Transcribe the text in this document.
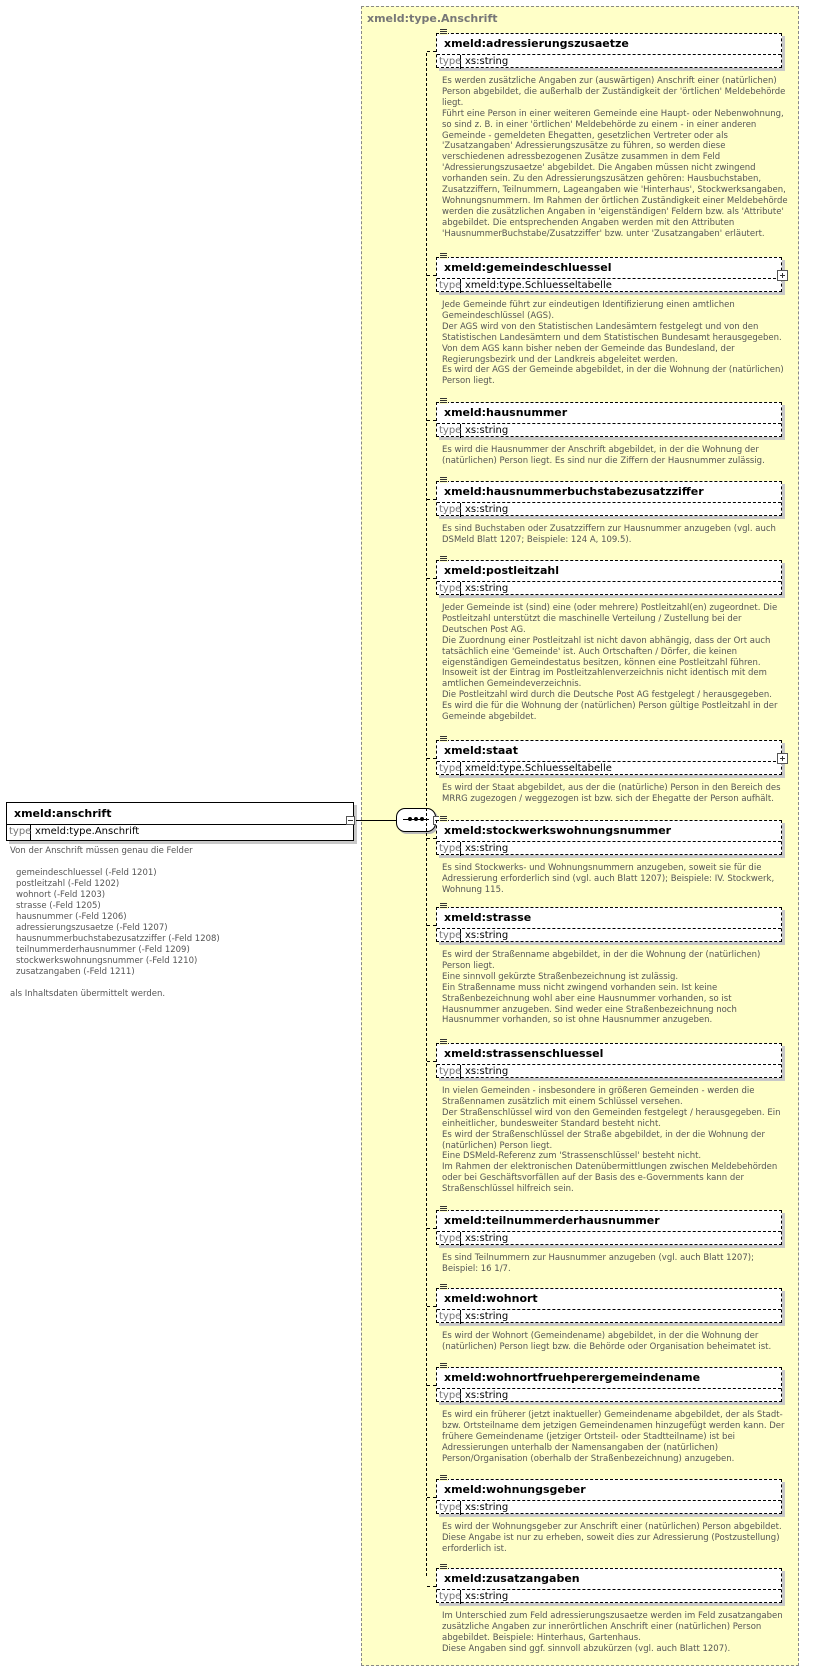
xmeld:type.Anschrift
xmeld:anschrift
type xmeld:type.Anschrift
Von der Anschrift müssen genau die Felder
gemeindeschluessel (-Feld 1201)
postleitzahl (-Feld 1202)
wohnort (-Feld 1203)
strasse (-Feld 1205)
hausnummer (-Feld 1206)
adressierungszusaetze (-Feld 1207)
hausnummerbuchstabezusatzziffer (-Feld 1208)
teilnummerderhausnummer (-Feld 1209)
stockwerkswohnungsnummer (-Feld 1210)
zusatzangaben (-Feld 1211)
als Inhaltsdaten übermittelt werden.
xmeld:adressierungszusaetze
type xs:string
Es werden zusätzliche Angaben zur (auswärtigen) Anschrift einer (natürlichen) Person abgebildet, die außerhalb der Zuständigkeit der 'örtlichen' Meldebehörde liegt.
Führt eine Person in einer weiteren Gemeinde eine Haupt- oder Nebenwohnung, so sind z. B. in einer 'örtlichen' Meldebehörde zu einem - in einer anderen Gemeinde - gemeldeten Ehegatten, gesetzlichen Vertreter oder als 'Zusatzangaben' Adressierungszusätze zu führen, so werden diese verschiedenen adressbezogenen Zusätze zusammen in dem Feld 'Adressierungszusaetze' abgebildet. Die Angaben müssen nicht zwingend vorhanden sein. Zu den Adressierungszusätzen gehören: Hausbuchstaben, Zusatzziffern, Teilnummern, Lageangaben wie 'Hinterhaus', Stockwerksangaben, Wohnungsnummern. Im Rahmen der örtlichen Zuständigkeit einer Meldebehörde werden die zusätzlichen Angaben in 'eigenständigen' Feldern bzw. als 'Attribute' abgebildet. Die entsprechenden Angaben werden mit den Attributen 'HausnummerBuchstabe/Zusatzziffer' bzw. unter 'Zusatzangaben' erläutert.
xmeld:gemeindeschluessel
type xmeld:type.Schluesseltabelle
Jede Gemeinde führt zur eindeutigen Identifizierung einen amtlichen Gemeindeschlüssel (AGS).
Der AGS wird von den Statistischen Landesämtern festgelegt und von den Statistischen Landesämtern und dem Statistischen Bundesamt herausgegeben. Von dem AGS kann bisher neben der Gemeinde das Bundesland, der Regierungsbezirk und der Landkreis abgeleitet werden.
Es wird der AGS der Gemeinde abgebildet, in der die Wohnung der (natürlichen) Person liegt.
xmeld:hausnummer
type xs:string
Es wird die Hausnummer der Anschrift abgebildet, in der die Wohnung der (natürlichen) Person liegt. Es sind nur die Ziffern der Hausnummer zulässig.
xmeld:hausnummerbuchstabezusatzziffer
type xs:string
Es sind Buchstaben oder Zusatzziffern zur Hausnummer anzugeben (vgl. auch DSMeld Blatt 1207; Beispiele: 124 A, 109.5).
xmeld:postleitzahl
type xs:string
Jeder Gemeinde ist (sind) eine (oder mehrere) Postleitzahl(en) zugeordnet. Die Postleitzahl unterstützt die maschinelle Verteilung / Zustellung bei der Deutschen Post AG.
Die Zuordnung einer Postleitzahl ist nicht davon abhängig, dass der Ort auch tatsächlich eine 'Gemeinde' ist. Auch Ortschaften / Dörfer, die keinen eigenständigen Gemeindestatus besitzen, können eine Postleitzahl führen. Insoweit ist der Eintrag im Postleitzahlenverzeichnis nicht identisch mit dem amtlichen Gemeindeverzeichnis.
Die Postleitzahl wird durch die Deutsche Post AG festgelegt / herausgegeben.
Es wird die für die Wohnung der (natürlichen) Person gültige Postleitzahl in der Gemeinde abgebildet.
xmeld:staat
type xmeld:type.Schluesseltabelle
Es wird der Staat abgebildet, aus der die (natürliche) Person in den Bereich des MRRG zugezogen / weggezogen ist bzw. sich der Ehegatte der Person aufhält.
xmeld:stockwerkswohnungsnummer
type xs:string
Es sind Stockwerks- und Wohnungsnummern anzugeben, soweit sie für die Adressierung erforderlich sind (vgl. auch Blatt 1207); Beispiele: IV. Stockwerk, Wohnung 115.
xmeld:strasse
type xs:string
Es wird der Straßenname abgebildet, in der die Wohnung der (natürlichen) Person liegt.
Eine sinnvoll gekürzte Straßenbezeichnung ist zulässig.
Ein Straßenname muss nicht zwingend vorhanden sein. Ist keine Straßenbezeichnung wohl aber eine Hausnummer vorhanden, so ist Hausnummer anzugeben. Sind weder eine Straßenbezeichnung noch Hausnummer vorhanden, so ist ohne Hausnummer anzugeben.
xmeld:strassenschluessel
type xs:string
In vielen Gemeinden - insbesondere in größeren Gemeinden - werden die Straßennamen zusätzlich mit einem Schlüssel versehen.
Der Straßenschlüssel wird von den Gemeinden festgelegt / herausgegeben. Ein einheitlicher, bundesweiter Standard besteht nicht.
Es wird der Straßenschlüssel der Straße abgebildet, in der die Wohnung der (natürlichen) Person liegt.
Eine DSMeld-Referenz zum 'Strassenschlüssel' besteht nicht.
Im Rahmen der elektronischen Datenübermittlungen zwischen Meldebehörden oder bei Geschäftsvorfällen auf der Basis des e-Governments kann der Straßenschlüssel hilfreich sein.
xmeld:teilnummerderhausnummer
type xs:string
Es sind Teilnummern zur Hausnummer anzugeben (vgl. auch Blatt 1207); Beispiel: 16 1/7.
xmeld:wohnort
type xs:string
Es wird der Wohnort (Gemeindename) abgebildet, in der die Wohnung der (natürlichen) Person liegt bzw. die Behörde oder Organisation beheimatet ist.
xmeld:wohnortfruehperergemeindename
type xs:string
Es wird ein früherer (jetzt inaktueller) Gemeindename abgebildet, der als Stadt- bzw. Ortsteilname dem jetzigen Gemeindenamen hinzugefügt werden kann. Der frühere Gemeindename (jetziger Ortsteil- oder Stadtteilname) ist bei Adressierungen unterhalb der Namensangaben der (natürlichen) Person/Organisation (oberhalb der Straßenbezeichnung) anzugeben.
xmeld:wohnungsgeber
type xs:string
Es wird der Wohnungsgeber zur Anschrift einer (natürlichen) Person abgebildet. Diese Angabe ist nur zu erheben, soweit dies zur Adressierung (Postzustellung) erforderlich ist.
xmeld:zusatzangaben
type xs:string
Im Unterschied zum Feld adressierungszusaetze werden im Feld zusatzangaben zusätzliche Angaben zur innerörtlichen Anschrift einer (natürlichen) Person abgebildet. Beispiele: Hinterhaus, Gartenhaus.
Diese Angaben sind ggf. sinnvoll abzukürzen (vgl. auch Blatt 1207).
